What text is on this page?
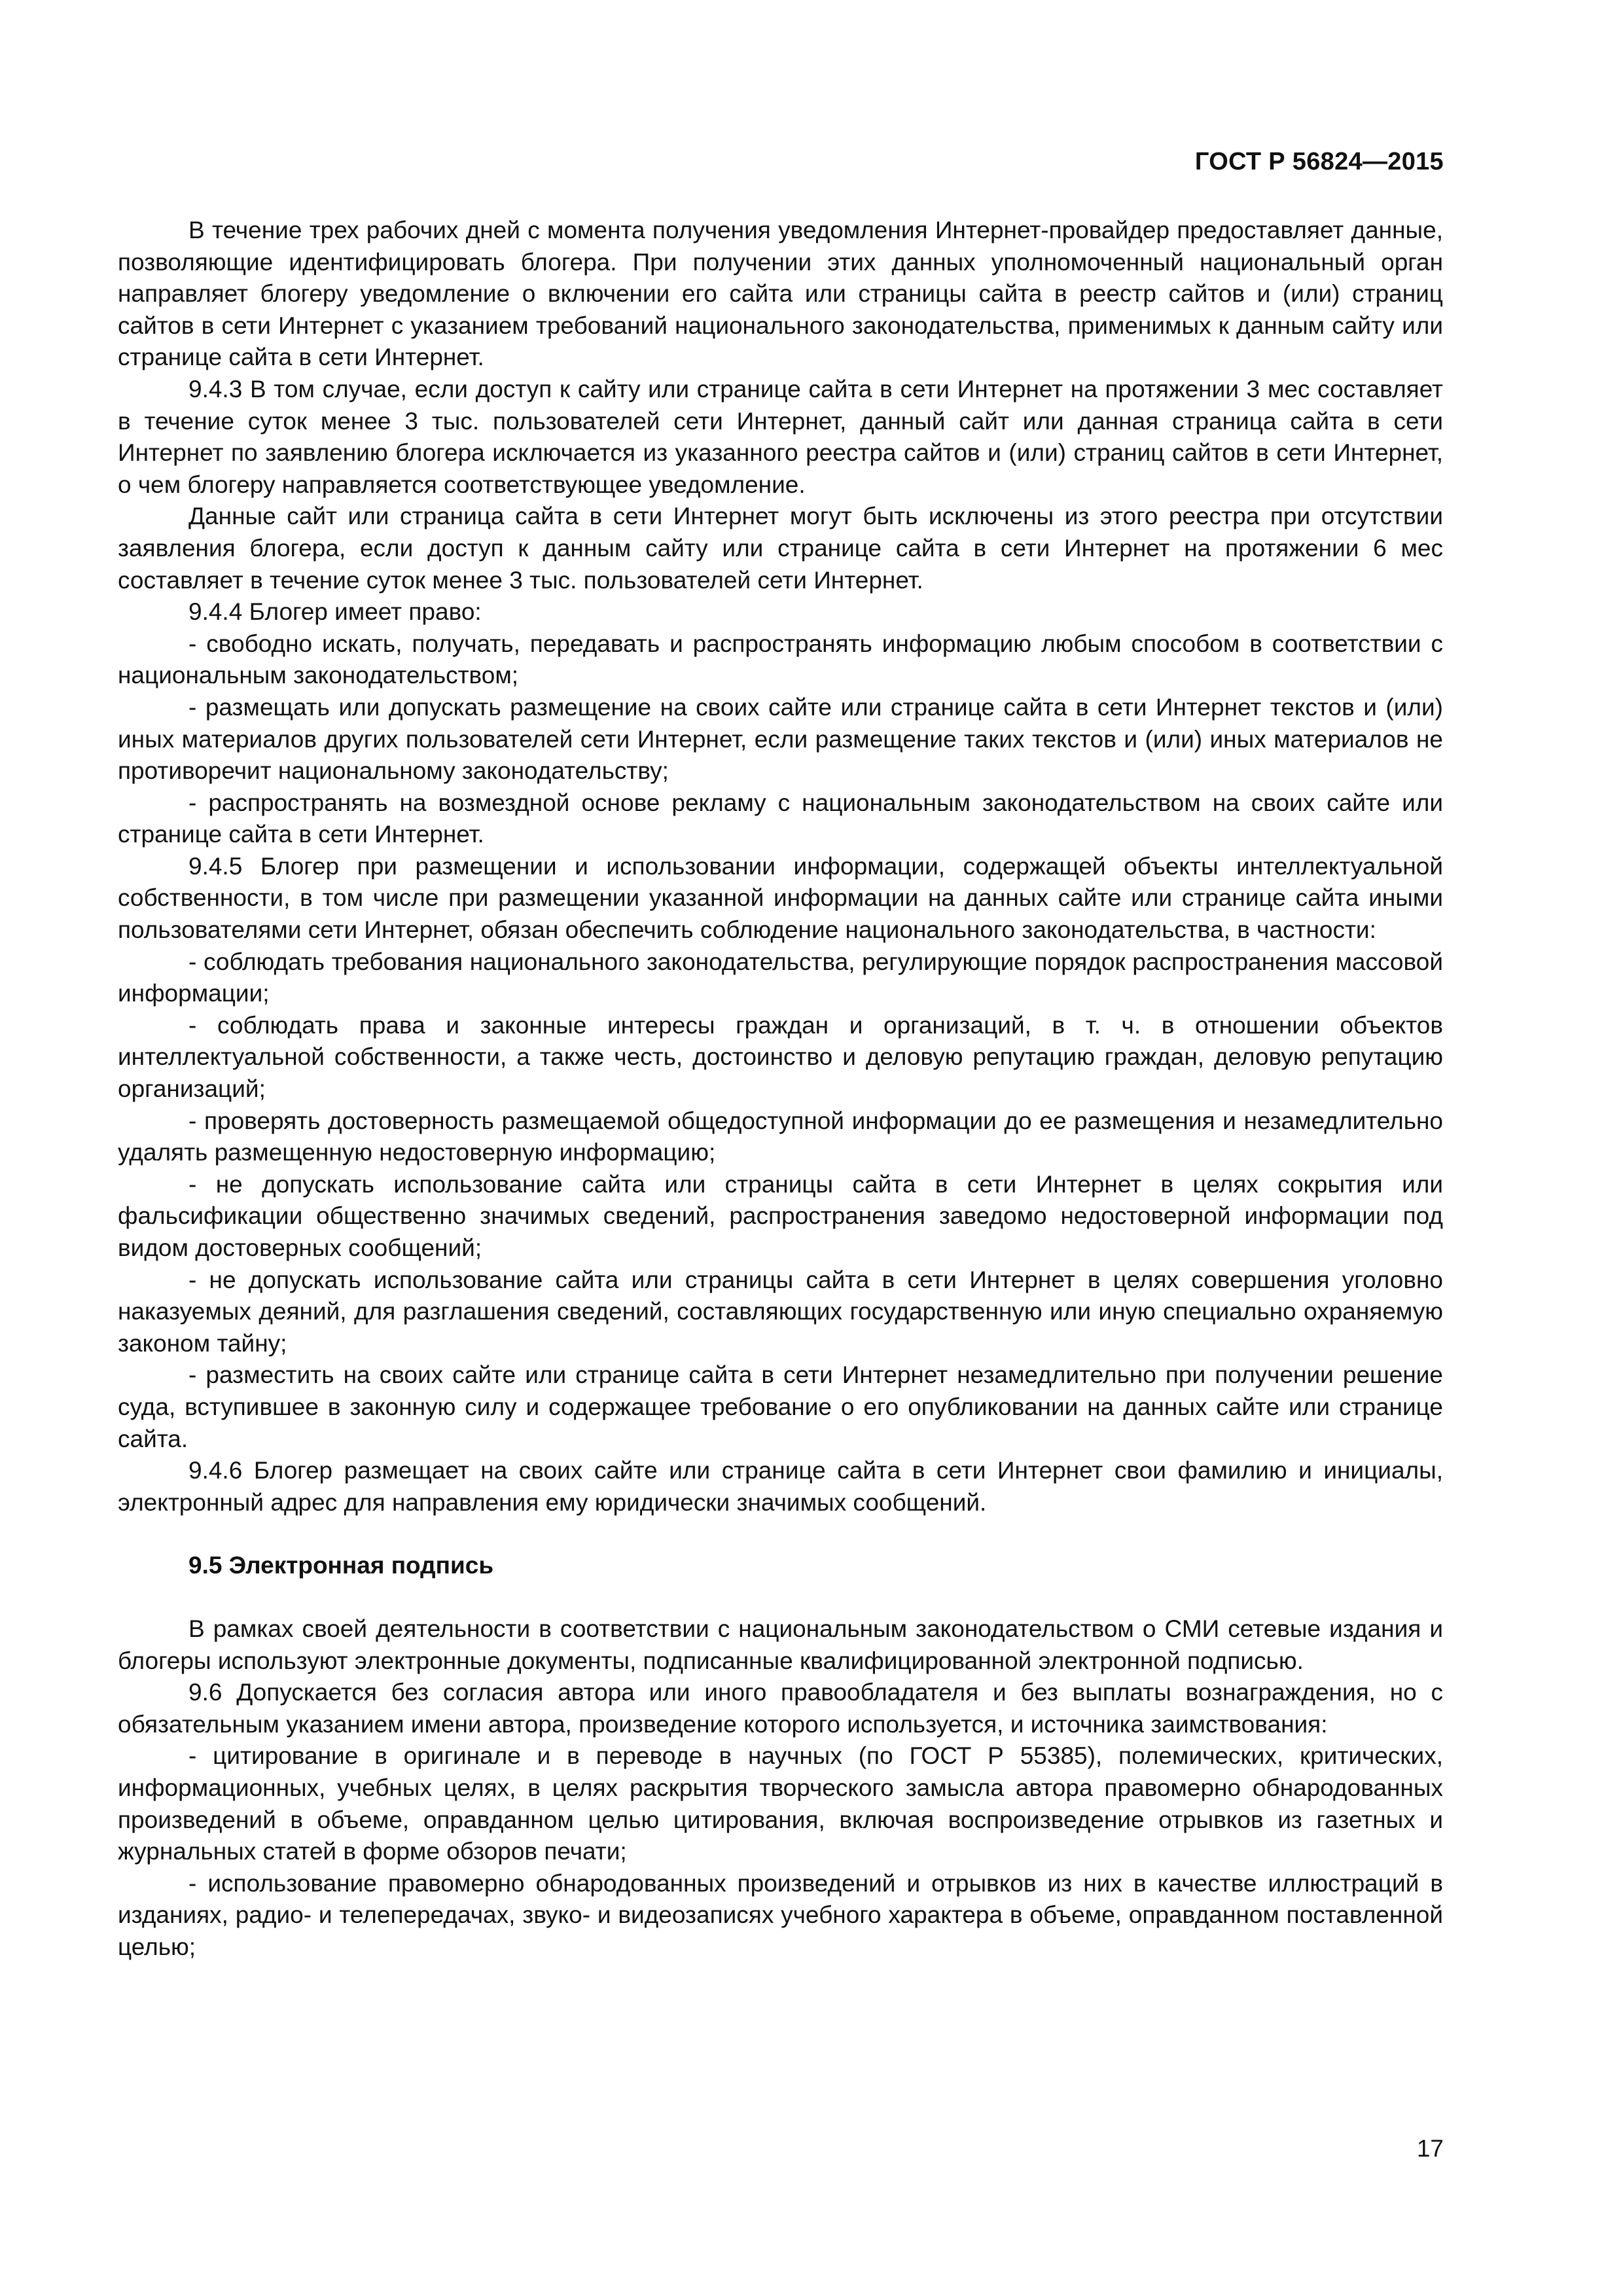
ГОСТ Р 56824—2015

В течение трех рабочих дней с момента получения уведомления Интернет-провайдер предоставляет данные, позволяющие идентифицировать блогера. При получении этих данных уполномоченный национальный орган направляет блогеру уведомление о включении его сайта или страницы сайта в реестр сайтов и (или) страниц сайтов в сети Интернет с указанием требований национального законодательства, применимых к данным сайту или странице сайта в сети Интернет.

9.4.3 В том случае, если доступ к сайту или странице сайта в сети Интернет на протяжении 3 мес составляет в течение суток менее 3 тыс. пользователей сети Интернет, данный сайт или данная страница сайта в сети Интернет по заявлению блогера исключается из указанного реестра сайтов и (или) страниц сайтов в сети Интернет, о чем блогеру направляется соответствующее уведомление.

Данные сайт или страница сайта в сети Интернет могут быть исключены из этого реестра при отсутствии заявления блогера, если доступ к данным сайту или странице сайта в сети Интернет на протяжении 6 мес составляет в течение суток менее 3 тыс. пользователей сети Интернет.

9.4.4 Блогер имеет право:

- свободно искать, получать, передавать и распространять информацию любым способом в соответствии с национальным законодательством;

- размещать или допускать размещение на своих сайте или странице сайта в сети Интернет текстов и (или) иных материалов других пользователей сети Интернет, если размещение таких текстов и (или) иных материалов не противоречит национальному законодательству;

- распространять на возмездной основе рекламу с национальным законодательством на своих сайте или странице сайта в сети Интернет.

9.4.5 Блогер при размещении и использовании информации, содержащей объекты интеллектуальной собственности, в том числе при размещении указанной информации на данных сайте или странице сайта иными пользователями сети Интернет, обязан обеспечить соблюдение национального законодательства, в частности:

- соблюдать требования национального законодательства, регулирующие порядок распространения массовой информации;

- соблюдать права и законные интересы граждан и организаций, в т. ч. в отношении объектов интеллектуальной собственности, а также честь, достоинство и деловую репутацию граждан, деловую репутацию организаций;

- проверять достоверность размещаемой общедоступной информации до ее размещения и незамедлительно удалять размещенную недостоверную информацию;

- не допускать использование сайта или страницы сайта в сети Интернет в целях сокрытия или фальсификации общественно значимых сведений, распространения заведомо недостоверной информации под видом достоверных сообщений;

- не допускать использование сайта или страницы сайта в сети Интернет в целях совершения уголовно наказуемых деяний, для разглашения сведений, составляющих государственную или иную специально охраняемую законом тайну;

- разместить на своих сайте или странице сайта в сети Интернет незамедлительно при получении решение суда, вступившее в законную силу и содержащее требование о его опубликовании на данных сайте или странице сайта.

9.4.6 Блогер размещает на своих сайте или странице сайта в сети Интернет свои фамилию и инициалы, электронный адрес для направления ему юридически значимых сообщений.

9.5 Электронная подпись

В рамках своей деятельности в соответствии с национальным законодательством о СМИ сетевые издания и блогеры используют электронные документы, подписанные квалифицированной электронной подписью.

9.6 Допускается без согласия автора или иного правообладателя и без выплаты вознаграждения, но с обязательным указанием имени автора, произведение которого используется, и источника заимствования:

- цитирование в оригинале и в переводе в научных (по ГОСТ Р 55385), полемических, критических, информационных, учебных целях, в целях раскрытия творческого замысла автора правомерно обнародованных произведений в объеме, оправданном целью цитирования, включая воспроизведение отрывков из газетных и журнальных статей в форме обзоров печати;

- использование правомерно обнародованных произведений и отрывков из них в качестве иллюстраций в изданиях, радио- и телепередачах, звуко- и видеозаписях учебного характера в объеме, оправданном поставленной целью;

17
